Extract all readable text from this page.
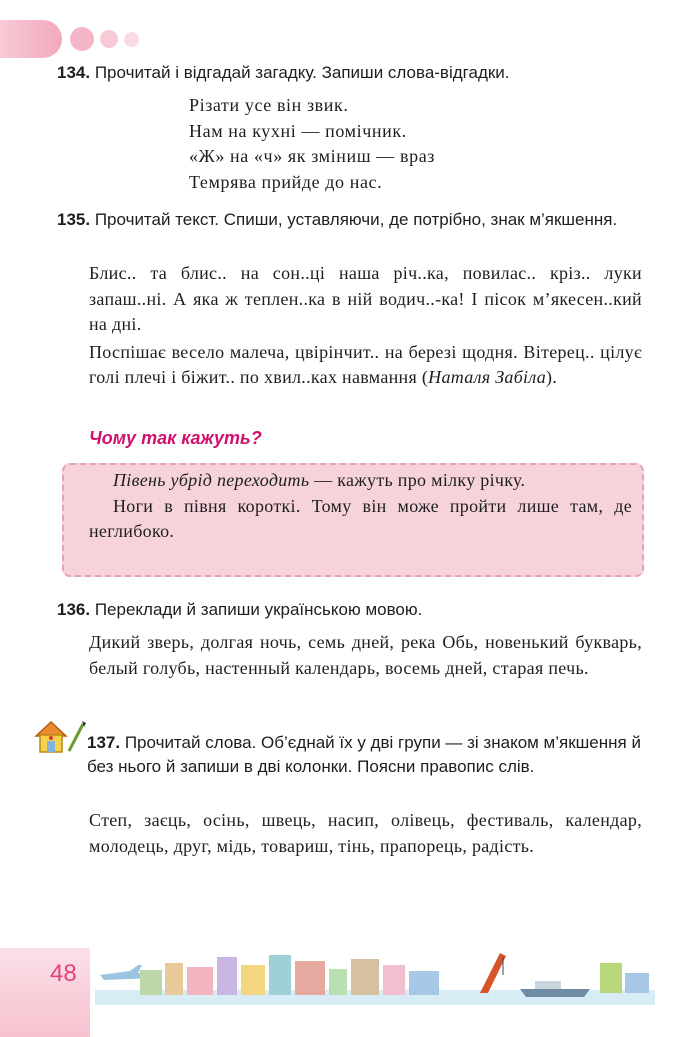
134. Прочитай і відгадай загадку. Запиши слова-відгадки.
Різати усе він звик.
Нам на кухні — помічник.
«Ж» на «ч» як зміниш — враз
Темрява прийде до нас.
135. Прочитай текст. Спиши, уставляючи, де потрібно, знак м’якшення.

Блис.. та блис.. на сон..ці наша річ..ка, повилас.. кріз.. луки запаш..ні. А яка ж теплен..ка в ній водич..-ка! І пісок м’якесен..кий на дні.

Поспішає весело малеча, цвірінчит.. на березі щодня. Вітерец.. цілує голі плечі і біжит.. по хвил..ках навмання (Наталя Забіла).

Чому так кажуть?

Півень убрід переходить — кажуть про мілку річку.

Ноги в півня короткі. Тому він може пройти лише там, де неглибоко.

136. Переклади й запиши українською мовою.
Дикий зверь, долгая ночь, семь дней, река Обь, новенький букварь, белый голубь, настенный календарь, восемь дней, старая печь.
137. Прочитай слова. Об’єднай їх у дві групи — зі знаком м’якшення й без нього й запиши в дві колонки. Поясни правопис слів.
Степ, заєць, осінь, швець, насип, олівець, фестиваль, календар, молодець, друг, мідь, товариш, тінь, прапорець, радість.
48
